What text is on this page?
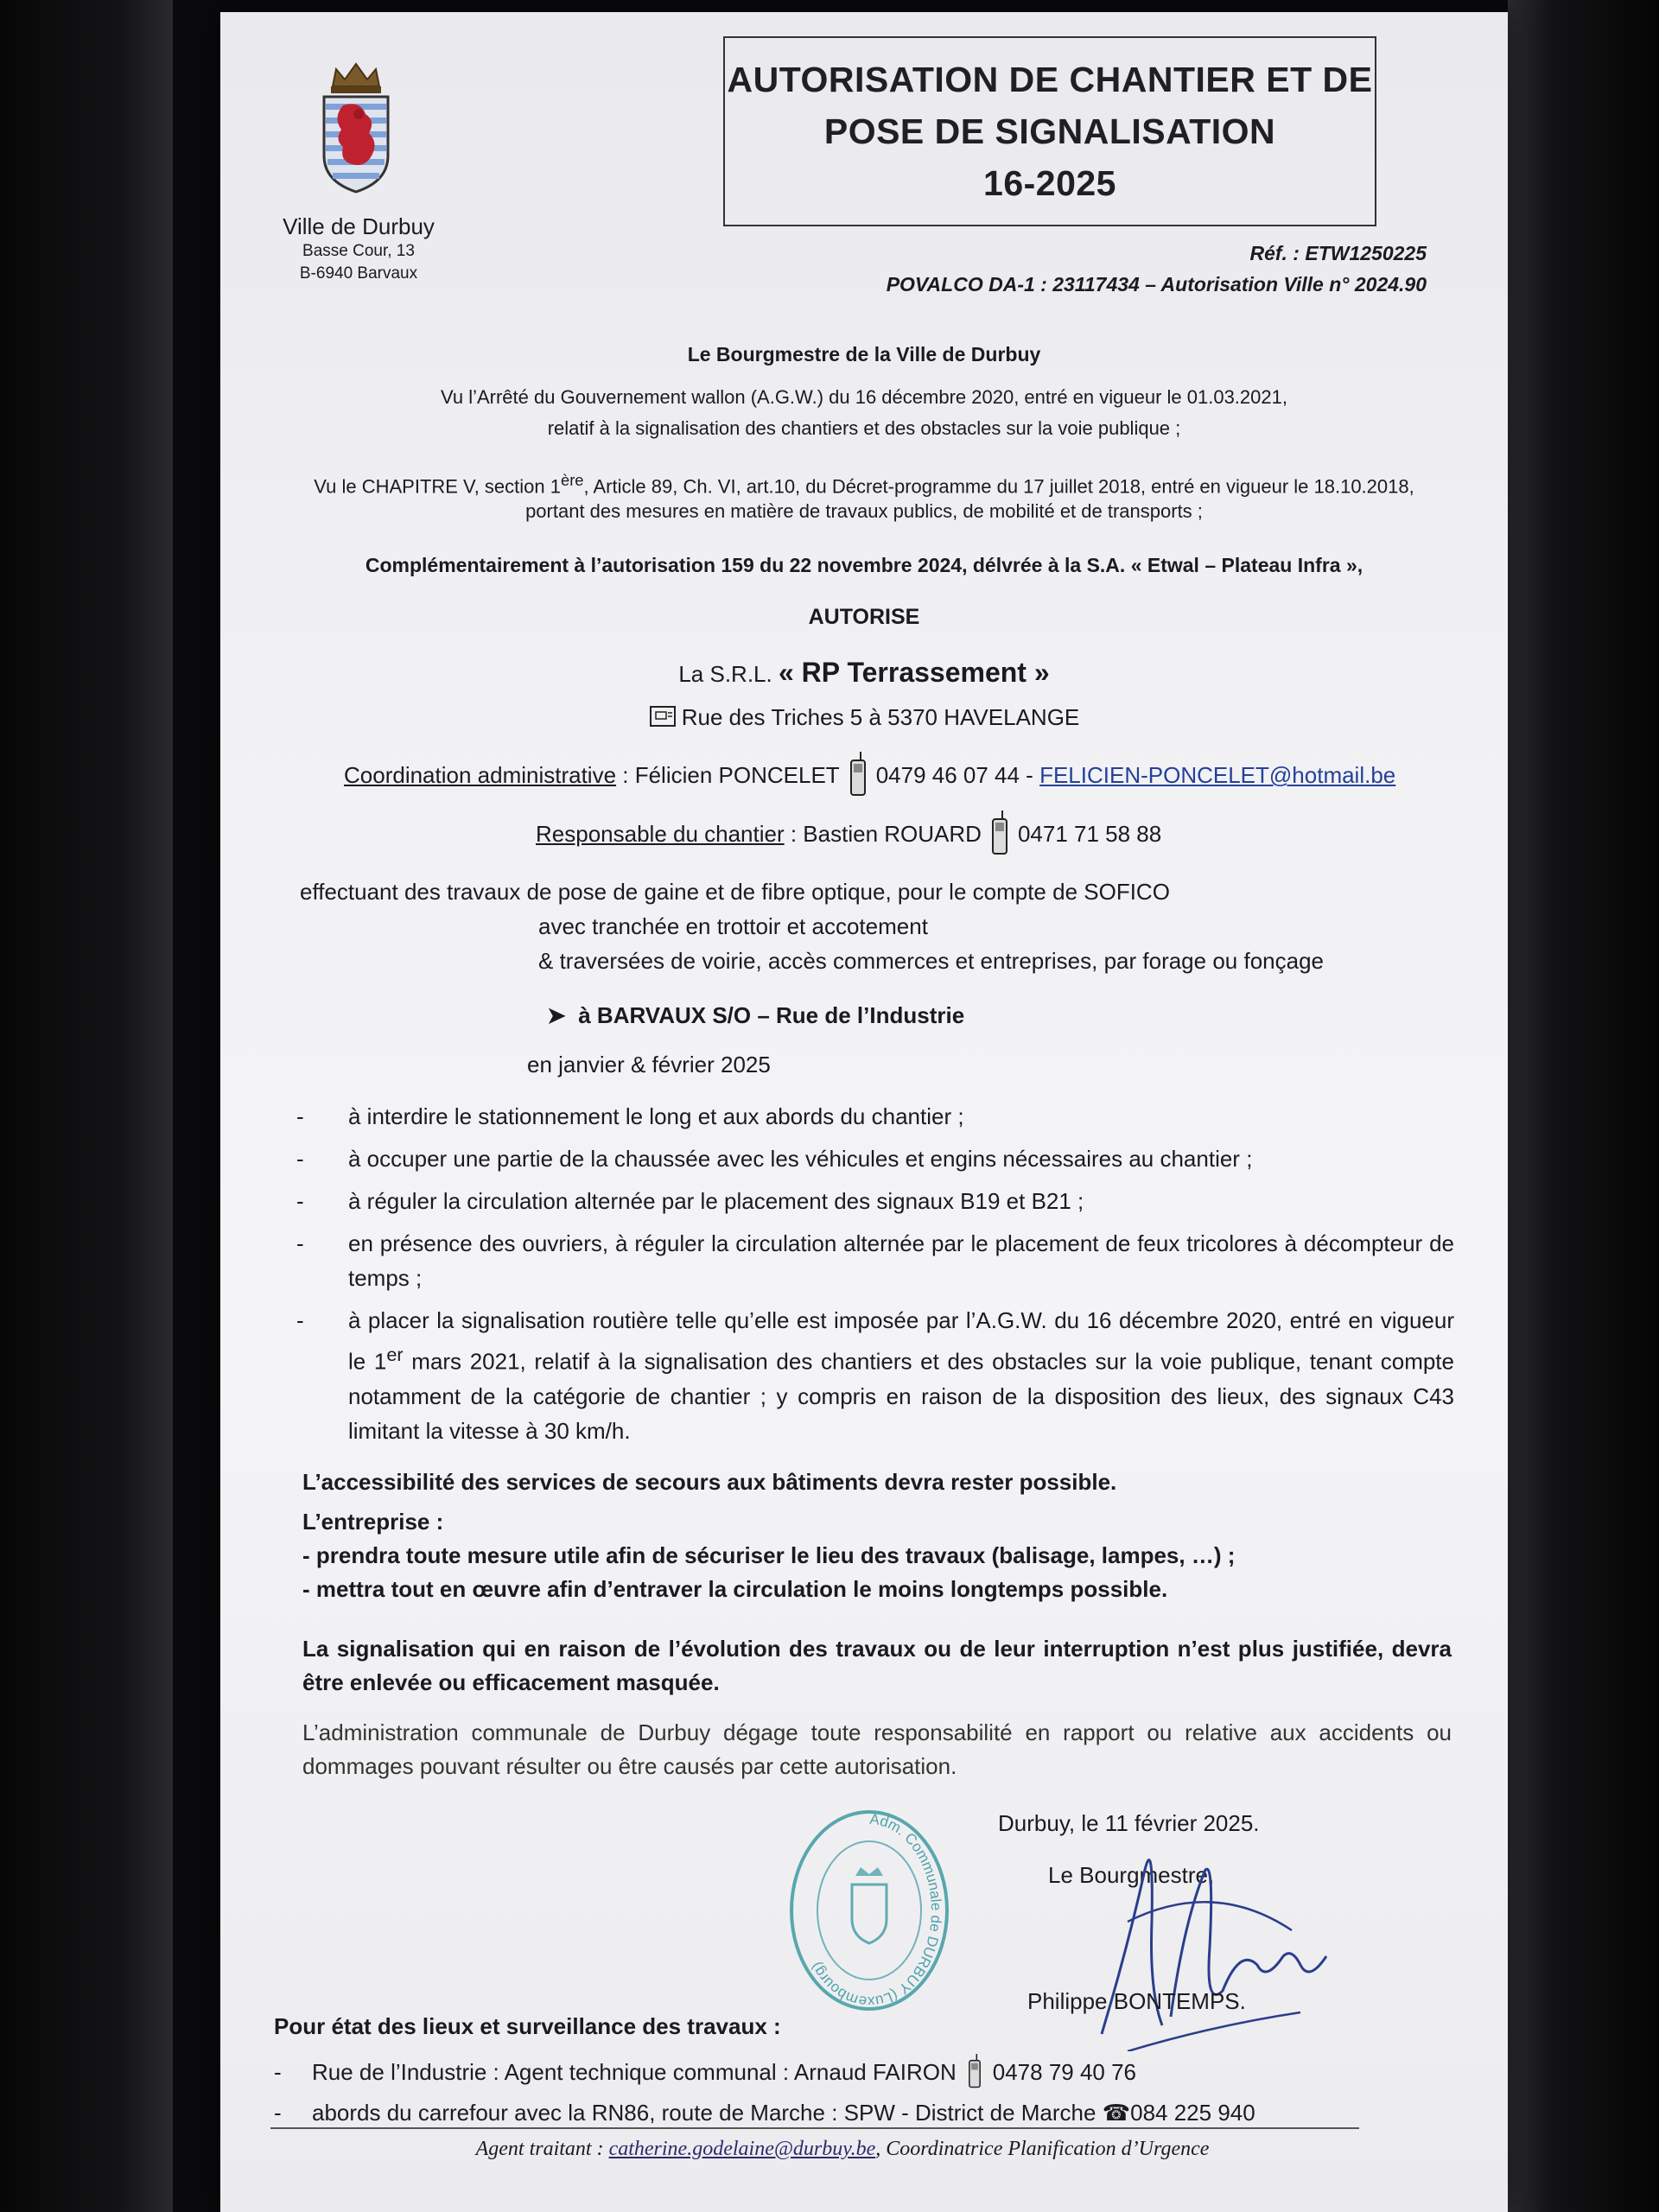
Ville de Durbuy
Basse Cour, 13
B-6940 Barvaux
AUTORISATION DE CHANTIER ET DE
POSE DE SIGNALISATION
16-2025
Réf. : ETW1250225
POVALCO DA-1 : 23117434 – Autorisation Ville n° 2024.90
Le Bourgmestre de la Ville de Durbuy
Vu l’Arrêté du Gouvernement wallon (A.G.W.) du 16 décembre 2020, entré en vigueur le 01.03.2021,
relatif à la signalisation des chantiers et des obstacles sur la voie publique ;
Vu le CHAPITRE V, section 1ère, Article 89, Ch. VI, art.10, du Décret-programme du 17 juillet 2018, entré en vigueur le 18.10.2018,
portant des mesures en matière de travaux publics, de mobilité et de transports ;
Complémentairement à l’autorisation 159 du 22 novembre 2024, délvrée à la S.A. « Etwal – Plateau Infra »,
AUTORISE
La S.R.L. « RP Terrassement »
Rue des Triches 5 à 5370 HAVELANGE
Coordination administrative : Félicien PONCELET 0479 46 07 44 - FELICIEN-PONCELET@hotmail.be
Responsable du chantier : Bastien ROUARD 0471 71 58 88
effectuant des travaux de pose de gaine et de fibre optique, pour le compte de SOFICO
avec tranchée en trottoir et accotement
& traversées de voirie, accès commerces et entreprises, par forage ou fonçage
➤ à BARVAUX S/O – Rue de l’Industrie
en janvier & février 2025
- à interdire le stationnement le long et aux abords du chantier ;
- à occuper une partie de la chaussée avec les véhicules et engins nécessaires au chantier ;
- à réguler la circulation alternée par le placement des signaux B19 et B21 ;
- en présence des ouvriers, à réguler la circulation alternée par le placement de feux tricolores à décompteur de temps ;
- à placer la signalisation routière telle qu’elle est imposée par l’A.G.W. du 16 décembre 2020, entré en vigueur le 1er mars 2021, relatif à la signalisation des chantiers et des obstacles sur la voie publique, tenant compte notamment de la catégorie de chantier ; y compris en raison de la disposition des lieux, des signaux C43 limitant la vitesse à 30 km/h.
L’accessibilité des services de secours aux bâtiments devra rester possible.
L’entreprise :
- prendra toute mesure utile afin de sécuriser le lieu des travaux (balisage, lampes, …) ;
- mettra tout en œuvre afin d’entraver la circulation le moins longtemps possible.
La signalisation qui en raison de l’évolution des travaux ou de leur interruption n’est plus justifiée, devra être enlevée ou efficacement masquée.
L’administration communale de Durbuy dégage toute responsabilité en rapport ou relative aux accidents ou dommages pouvant résulter ou être causés par cette autorisation.
Adm. Communale de DURBUY (Luxembourg)
Durbuy, le 11 février 2025.
Le Bourgmestre,
Philippe BONTEMPS.
Pour état des lieux et surveillance des travaux :
- Rue de l’Industrie : Agent technique communal : Arnaud FAIRON 0478 79 40 76
- abords du carrefour avec la RN86, route de Marche : SPW - District de Marche ☎084 225 940
Agent traitant : catherine.godelaine@durbuy.be, Coordinatrice Planification d’Urgence
